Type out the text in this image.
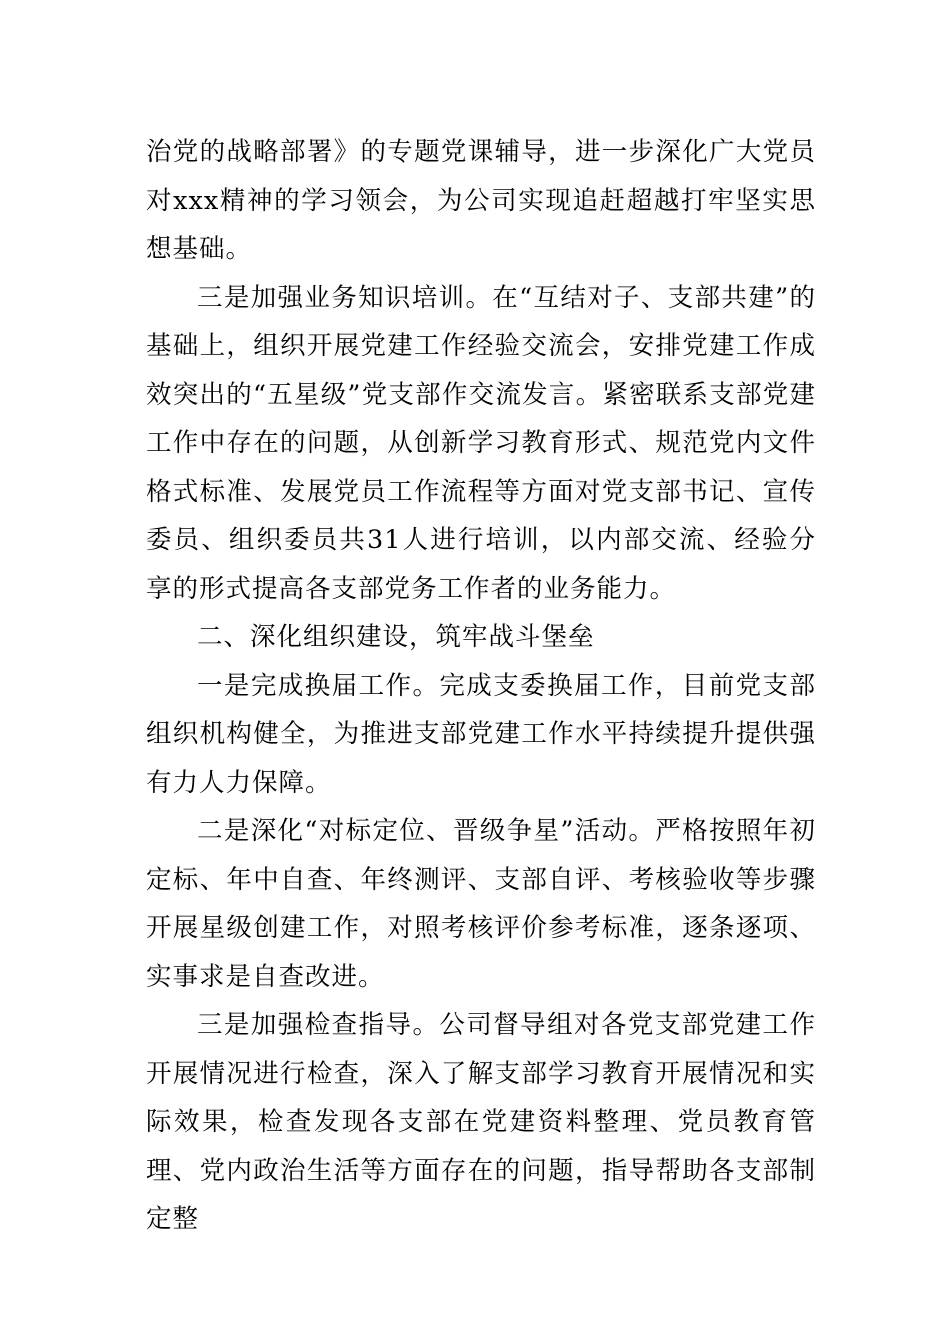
治党的战略部署》的专题党课辅导，进一步深化广大党员对xxx精神的学习领会，为公司实现追赶超越打牢坚实思想基础。

三是加强业务知识培训。在“互结对子、支部共建”的基础上，组织开展党建工作经验交流会，安排党建工作成效突出的“五星级”党支部作交流发言。紧密联系支部党建工作中存在的问题，从创新学习教育形式、规范党内文件格式标准、发展党员工作流程等方面对党支部书记、宣传委员、组织委员共31人进行培训，以内部交流、经验分享的形式提高各支部党务工作者的业务能力。

二、深化组织建设，筑牢战斗堡垒

一是完成换届工作。完成支委换届工作，目前党支部组织机构健全，为推进支部党建工作水平持续提升提供强有力人力保障。

二是深化“对标定位、晋级争星”活动。严格按照年初定标、年中自查、年终测评、支部自评、考核验收等步骤开展星级创建工作，对照考核评价参考标准，逐条逐项、实事求是自查改进。

三是加强检查指导。公司督导组对各党支部党建工作开展情况进行检查，深入了解支部学习教育开展情况和实际效果，检查发现各支部在党建资料整理、党员教育管理、党内政治生活等方面存在的问题，指导帮助各支部制定整
